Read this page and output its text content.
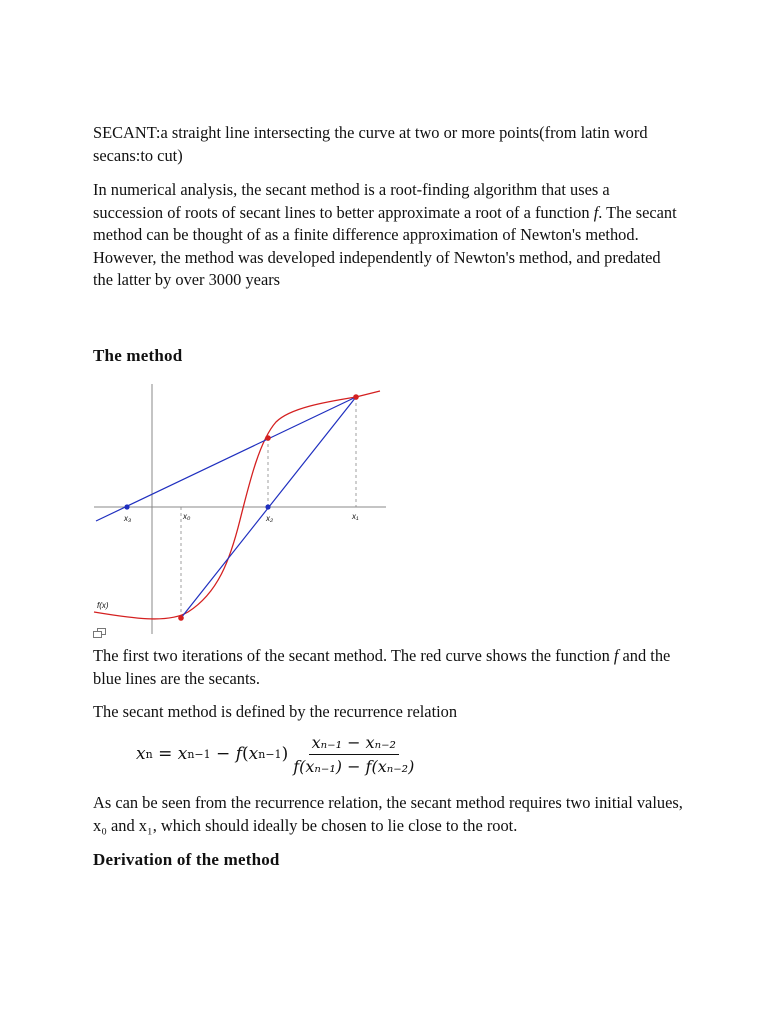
SECANT:a straight line intersecting the curve at two or more points(from latin word secans:to cut)

In numerical analysis, the secant method is a root-finding algorithm that uses a succession of roots of secant lines to better approximate a root of a function f. The secant method can be thought of as a finite difference approximation of Newton's method. However, the method was developed independently of Newton's method, and predated the latter by over 3000 years

The method
x₃	x₀	x₂	x₁
f(x)

The first two iterations of the secant method. The red curve shows the function f and the blue lines are the secants.

The secant method is defined by the recurrence relation

x n = x n−1 − f ( x n−1 ) $\frac{\text{xₙ₋₁ − xₙ₋₂}}{\text{f(xₙ₋₁) − f(xₙ₋₂)}}$

As can be seen from the recurrence relation, the secant method requires two initial values, x₀ and x₁, which should ideally be chosen to lie close to the root.

Derivation of the method
